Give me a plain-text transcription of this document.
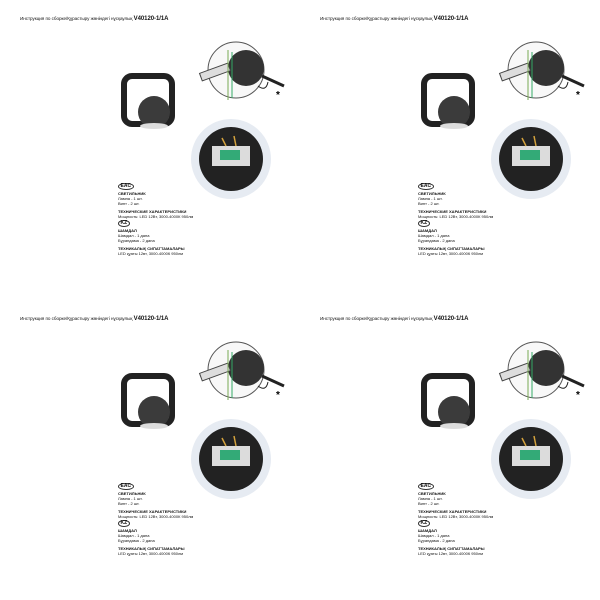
Инструкция по сборке/Құрастыру жөніндегі нұсқаулық V40120-1/1A
*
EAC
СВЕТИЛЬНИК
Лампа - 1 шт.
Винт - 2 шт.
ТЕХНИЧЕСКИЕ ХАРАКТЕРИСТИКИ
Мощность: LED 12Вт, 3000-4000К 950лм
KZ
ШАМДАЛ
Шамдал - 1 дана
Бұрандама - 2 дана
ТЕХНИКАЛЫҚ СИПАТТАМАЛАРЫ
LED құаты 12вт, 3000-4000К 950лм
Инструкция по сборке/Құрастыру жөніндегі нұсқаулық V40120-1/1A
*
EAC
СВЕТИЛЬНИК
Лампа - 1 шт.
Винт - 2 шт.
ТЕХНИЧЕСКИЕ ХАРАКТЕРИСТИКИ
Мощность: LED 12Вт, 3000-4000К 950лм
KZ
ШАМДАЛ
Шамдал - 1 дана
Бұрандама - 2 дана
ТЕХНИКАЛЫҚ СИПАТТАМАЛАРЫ
LED құаты 12вт, 3000-4000К 950лм
Инструкция по сборке/Құрастыру жөніндегі нұсқаулық V40120-1/1A
*
EAC
СВЕТИЛЬНИК
Лампа - 1 шт.
Винт - 2 шт.
ТЕХНИЧЕСКИЕ ХАРАКТЕРИСТИКИ
Мощность: LED 12Вт, 3000-4000К 950лм
KZ
ШАМДАЛ
Шамдал - 1 дана
Бұрандама - 2 дана
ТЕХНИКАЛЫҚ СИПАТТАМАЛАРЫ
LED құаты 12вт, 3000-4000К 950лм
Инструкция по сборке/Құрастыру жөніндегі нұсқаулық V40120-1/1A
*
EAC
СВЕТИЛЬНИК
Лампа - 1 шт.
Винт - 2 шт.
ТЕХНИЧЕСКИЕ ХАРАКТЕРИСТИКИ
Мощность: LED 12Вт, 3000-4000К 950лм
KZ
ШАМДАЛ
Шамдал - 1 дана
Бұрандама - 2 дана
ТЕХНИКАЛЫҚ СИПАТТАМАЛАРЫ
LED құаты 12вт, 3000-4000К 950лм
